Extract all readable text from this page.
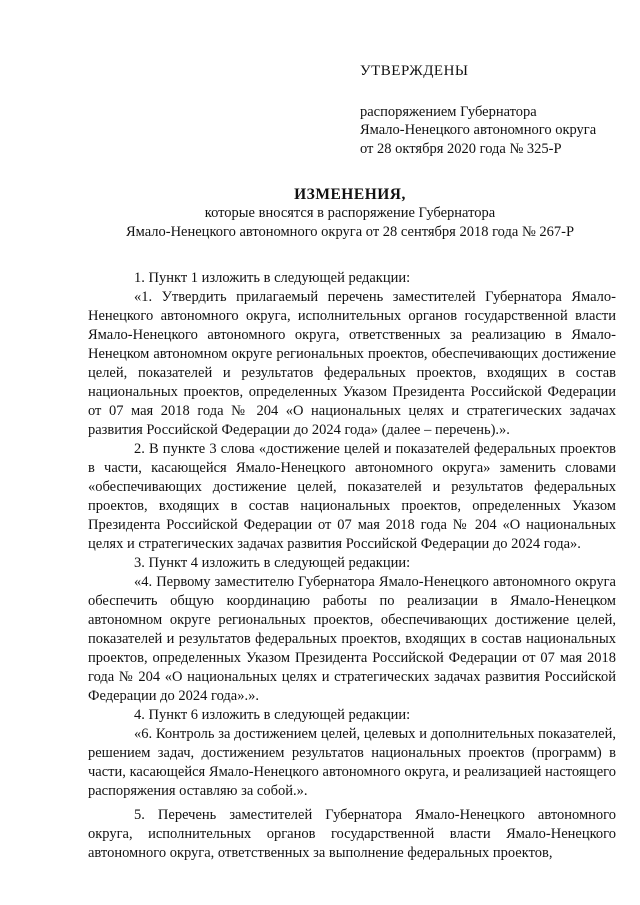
УТВЕРЖДЕНЫ
распоряжением Губернатора
Ямало-Ненецкого автономного округа
от 28 октября 2020 года № 325-Р
ИЗМЕНЕНИЯ,
которые вносятся в распоряжение Губернатора
Ямало-Ненецкого автономного округа от 28 сентября 2018 года № 267-Р

1. Пункт 1 изложить в следующей редакции:

«1. Утвердить прилагаемый перечень заместителей Губернатора Ямало-Ненецкого автономного округа, исполнительных органов государственной власти Ямало-Ненецкого автономного округа, ответственных за реализацию в Ямало-Ненецком автономном округе региональных проектов, обеспечивающих достижение целей, показателей и результатов федеральных проектов, входящих в состав национальных проектов, определенных Указом Президента Российской Федерации от 07 мая 2018 года № 204 «О национальных целях и стратегических задачах развития Российской Федерации до 2024 года» (далее – перечень).».

2. В пункте 3 слова «достижение целей и показателей федеральных проектов в части, касающейся Ямало-Ненецкого автономного округа» заменить словами «обеспечивающих достижение целей, показателей и результатов федеральных проектов, входящих в состав национальных проектов, определенных Указом Президента Российской Федерации от 07 мая 2018 года № 204 «О национальных целях и стратегических задачах развития Российской Федерации до 2024 года».

3. Пункт 4 изложить в следующей редакции:

«4. Первому заместителю Губернатора Ямало-Ненецкого автономного округа обеспечить общую координацию работы по реализации в Ямало-Ненецком автономном округе региональных проектов, обеспечивающих достижение целей, показателей и результатов федеральных проектов, входящих в состав национальных проектов, определенных Указом Президента Российской Федерации от 07 мая 2018 года № 204 «О национальных целях и стратегических задачах развития Российской Федерации до 2024 года».».

4. Пункт 6 изложить в следующей редакции:

«6. Контроль за достижением целей, целевых и дополнительных показателей, решением задач, достижением результатов национальных проектов (программ) в части, касающейся Ямало-Ненецкого автономного округа, и реализацией настоящего распоряжения оставляю за собой.».

5. Перечень заместителей Губернатора Ямало-Ненецкого автономного округа, исполнительных органов государственной власти Ямало-Ненецкого автономного округа, ответственных за выполнение федеральных проектов,
